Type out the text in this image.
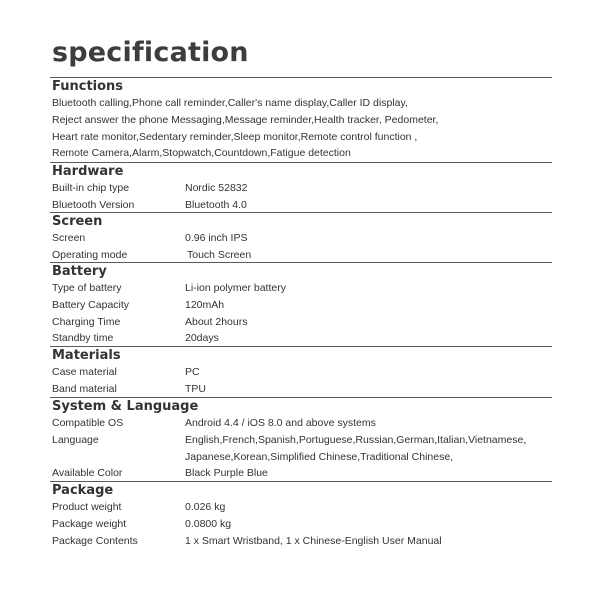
specification
Functions
Bluetooth calling,Phone call reminder,Caller's name display,Caller ID display,
Reject answer the phone Messaging,Message reminder,Health tracker, Pedometer,
Heart rate monitor,Sedentary reminder,Sleep monitor,Remote control function ,
Remote Camera,Alarm,Stopwatch,Countdown,Fatigue detection
Hardware
Built-in chip type	Nordic 52832
Bluetooth Version	Bluetooth 4.0
Screen
Screen	0.96 inch IPS
Operating mode	Touch Screen
Battery
Type of battery	Li-ion polymer battery
Battery Capacity	120mAh
Charging Time	About 2hours
Standby time	20days
Materials
Case material	PC
Band material	TPU
System & Language
Compatible OS	Android 4.4 / iOS 8.0 and above systems
Language	English,French,Spanish,Portuguese,Russian,German,Italian,Vietnamese,
Japanese,Korean,Simplified Chinese,Traditional Chinese,
Available Color	Black Purple Blue
Package
Product weight	0.026 kg
Package weight	0.0800 kg
Package Contents	1 x Smart Wristband, 1 x Chinese-English User Manual
